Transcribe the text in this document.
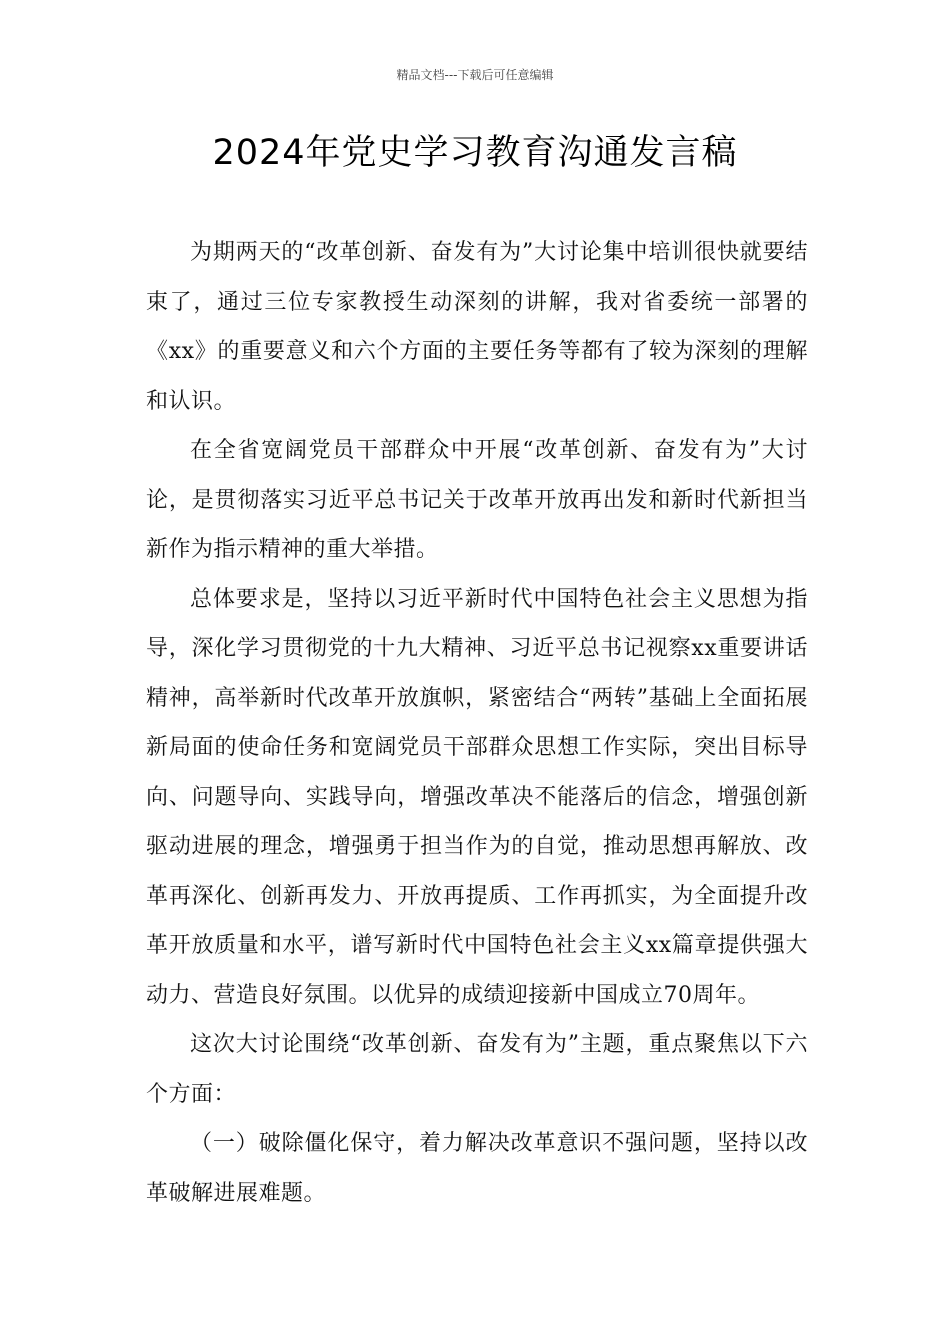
精品文档---下载后可任意编辑
2024年党史学习教育沟通发言稿

为期两天的“改革创新、奋发有为”大讨论集中培训很快就要结束了，通过三位专家教授生动深刻的讲解，我对省委统一部署的《xx》的重要意义和六个方面的主要任务等都有了较为深刻的理解和认识。

在全省宽阔党员干部群众中开展“改革创新、奋发有为”大讨论，是贯彻落实习近平总书记关于改革开放再出发和新时代新担当新作为指示精神的重大举措。

总体要求是，坚持以习近平新时代中国特色社会主义思想为指导，深化学习贯彻党的十九大精神、习近平总书记视察xx重要讲话精神，高举新时代改革开放旗帜，紧密结合“两转”基础上全面拓展新局面的使命任务和宽阔党员干部群众思想工作实际，突出目标导向、问题导向、实践导向，增强改革决不能落后的信念，增强创新驱动进展的理念，增强勇于担当作为的自觉，推动思想再解放、改革再深化、创新再发力、开放再提质、工作再抓实，为全面提升改革开放质量和水平，谱写新时代中国特色社会主义xx篇章提供强大动力、营造良好氛围。以优异的成绩迎接新中国成立70周年。

这次大讨论围绕“改革创新、奋发有为”主题，重点聚焦以下六个方面：

（一）破除僵化保守，着力解决改革意识不强问题，坚持以改革破解进展难题。
